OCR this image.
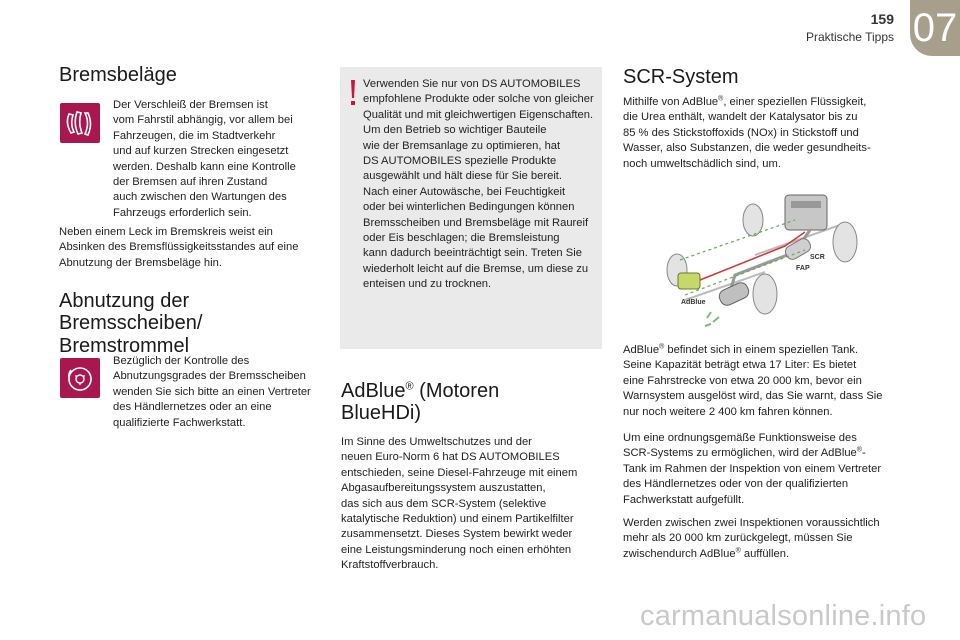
159
Praktische Tipps 07
Bremsbeläge

Der Verschleiß der Bremsen ist
vom Fahrstil abhängig, vor allem bei
Fahrzeugen, die im Stadtverkehr
und auf kurzen Strecken eingesetzt
werden. Deshalb kann eine Kontrolle
der Bremsen auf ihren Zustand
auch zwischen den Wartungen des
Fahrzeugs erforderlich sein.

Neben einem Leck im Bremskreis weist ein
Absinken des Bremsflüssigkeitsstandes auf eine
Abnutzung der Bremsbeläge hin.

Abnutzung der
Bremsscheiben/
Bremstrommel

Bezüglich der Kontrolle des
Abnutzungsgrades der Bremsscheiben
wenden Sie sich bitte an einen Vertreter
des Händlernetzes oder an eine
qualifizierte Fachwerkstatt.

Verwenden Sie nur von DS AUTOMOBILES
empfohlene Produkte oder solche von gleicher
Qualität und mit gleichwertigen Eigenschaften.
Um den Betrieb so wichtiger Bauteile
wie der Bremsanlage zu optimieren, hat
DS AUTOMOBILES spezielle Produkte
ausgewählt und hält diese für Sie bereit.
Nach einer Autowäsche, bei Feuchtigkeit
oder bei winterlichen Bedingungen können
Bremsscheiben und Bremsbeläge mit Raureif
oder Eis beschlagen; die Bremsleistung
kann dadurch beeinträchtigt sein. Treten Sie
wiederholt leicht auf die Bremse, um diese zu
enteisen und zu trocknen.

AdBlue® (Motoren
BlueHDi)

Im Sinne des Umweltschutzes und der
neuen Euro-Norm 6 hat DS AUTOMOBILES
entschieden, seine Diesel-Fahrzeuge mit einem
Abgasaufbereitungssystem auszustatten,
das sich aus dem SCR-System (selektive
katalytische Reduktion) und einem Partikelfilter
zusammensetzt. Dieses System bewirkt weder
eine Leistungsminderung noch einen erhöhten
Kraftstoffverbrauch.

SCR-System

Mithilfe von AdBlue®, einer speziellen Flüssigkeit,
die Urea enthält, wandelt der Katalysator bis zu
85 % des Stickstoffoxids (NOx) in Stickstoff und
Wasser, also Substanzen, die weder gesundheits-
noch umweltschädlich sind, um.

SCR
FAP
AdBlue

AdBlue® befindet sich in einem speziellen Tank.
Seine Kapazität beträgt etwa 17 Liter: Es bietet
eine Fahrstrecke von etwa 20 000 km, bevor ein
Warnsystem ausgelöst wird, das Sie warnt, dass Sie
nur noch weitere 2 400 km fahren können.

Um eine ordnungsgemäße Funktionsweise des
SCR-Systems zu ermöglichen, wird der AdBlue®-
Tank im Rahmen der Inspektion von einem Vertreter
des Händlernetzes oder von der qualifizierten
Fachwerkstatt aufgefüllt.

Werden zwischen zwei Inspektionen voraussichtlich
mehr als 20 000 km zurückgelegt, müssen Sie
zwischendurch AdBlue® auffüllen.

carmanualsonline.info
